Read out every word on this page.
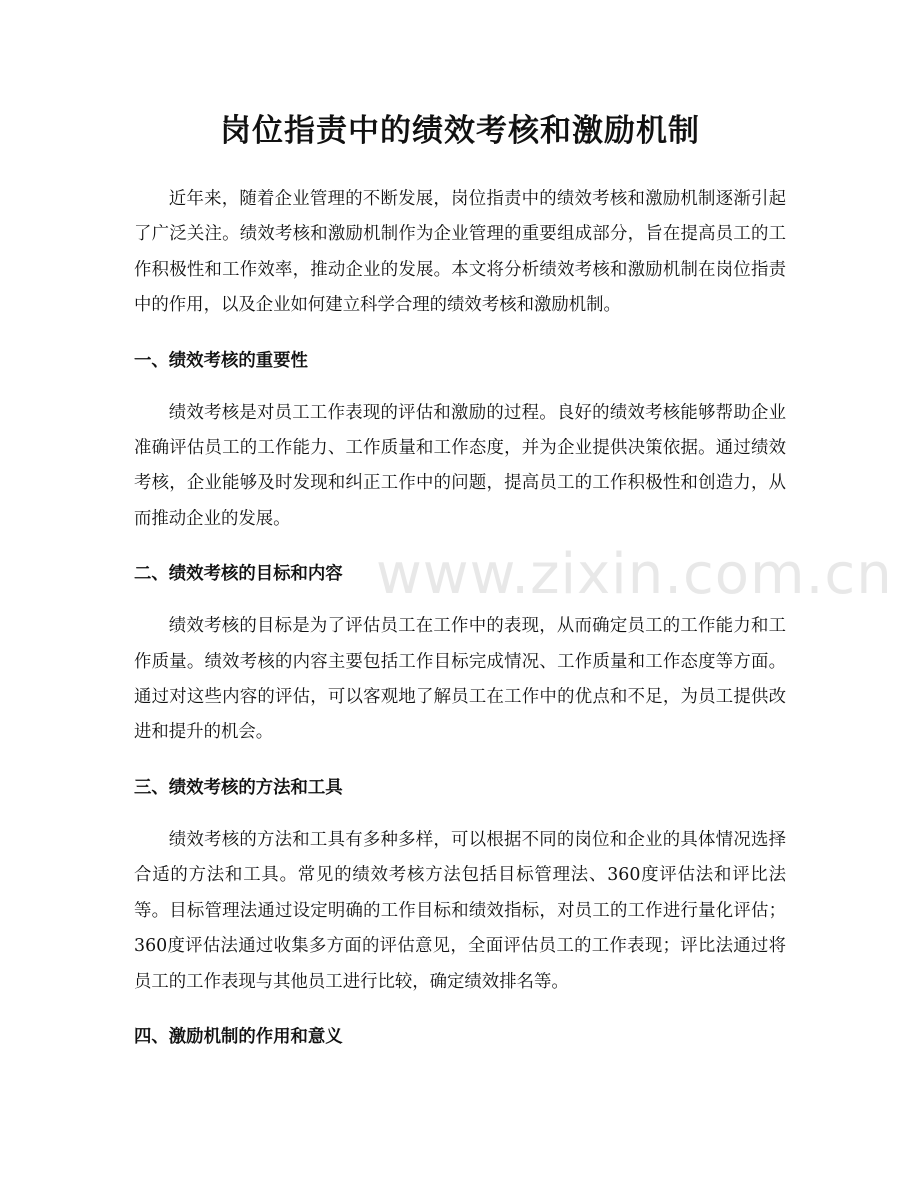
岗位指责中的绩效考核和激励机制

近年来，随着企业管理的不断发展，岗位指责中的绩效考核和激励机制逐渐引起了广泛关注。绩效考核和激励机制作为企业管理的重要组成部分，旨在提高员工的工作积极性和工作效率，推动企业的发展。本文将分析绩效考核和激励机制在岗位指责中的作用，以及企业如何建立科学合理的绩效考核和激励机制。

一、绩效考核的重要性

绩效考核是对员工工作表现的评估和激励的过程。良好的绩效考核能够帮助企业准确评估员工的工作能力、工作质量和工作态度，并为企业提供决策依据。通过绩效考核，企业能够及时发现和纠正工作中的问题，提高员工的工作积极性和创造力，从而推动企业的发展。

二、绩效考核的目标和内容

绩效考核的目标是为了评估员工在工作中的表现，从而确定员工的工作能力和工作质量。绩效考核的内容主要包括工作目标完成情况、工作质量和工作态度等方面。通过对这些内容的评估，可以客观地了解员工在工作中的优点和不足，为员工提供改进和提升的机会。

三、绩效考核的方法和工具

绩效考核的方法和工具有多种多样，可以根据不同的岗位和企业的具体情况选择合适的方法和工具。常见的绩效考核方法包括目标管理法、360度评估法和评比法等。目标管理法通过设定明确的工作目标和绩效指标，对员工的工作进行量化评估；360度评估法通过收集多方面的评估意见，全面评估员工的工作表现；评比法通过将员工的工作表现与其他员工进行比较，确定绩效排名等。

四、激励机制的作用和意义
www.zixin.com.cn
